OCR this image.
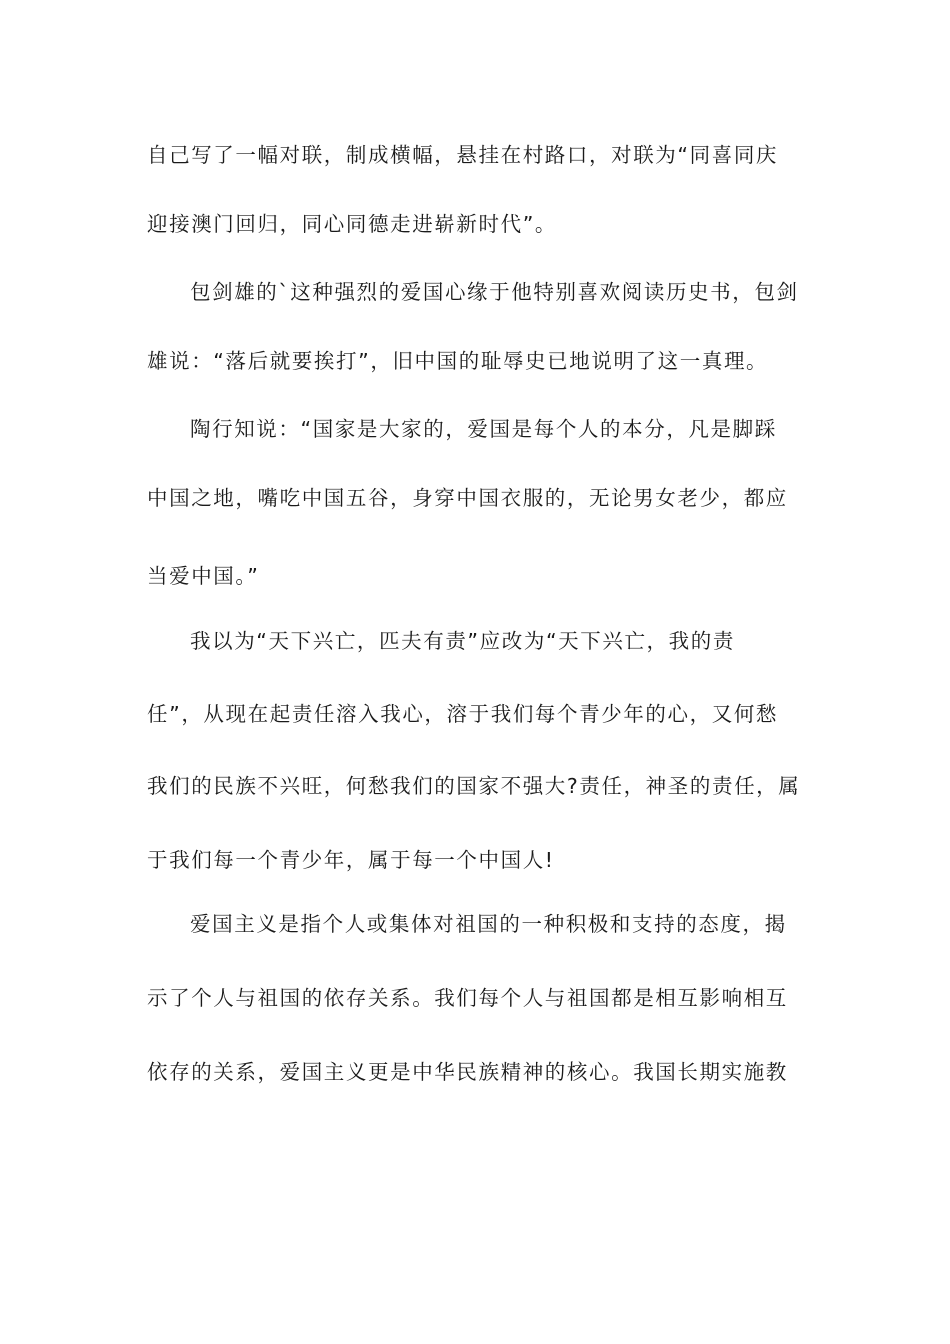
自己写了一幅对联，制成横幅，悬挂在村路口，对联为“同喜同庆
迎接澳门回归，同心同德走进崭新时代”。
包剑雄的`这种强烈的爱国心缘于他特别喜欢阅读历史书，包剑
雄说：“落后就要挨打”，旧中国的耻辱史已地说明了这一真理。
陶行知说：“国家是大家的，爱国是每个人的本分，凡是脚踩
中国之地，嘴吃中国五谷，身穿中国衣服的，无论男女老少，都应
当爱中国。”
我以为“天下兴亡，匹夫有责”应改为“天下兴亡，我的责
任”，从现在起责任溶入我心，溶于我们每个青少年的心，又何愁
我们的民族不兴旺，何愁我们的国家不强大?责任，神圣的责任，属
于我们每一个青少年，属于每一个中国人!
爱国主义是指个人或集体对祖国的一种积极和支持的态度，揭
示了个人与祖国的依存关系。我们每个人与祖国都是相互影响相互
依存的关系，爱国主义更是中华民族精神的核心。我国长期实施教
